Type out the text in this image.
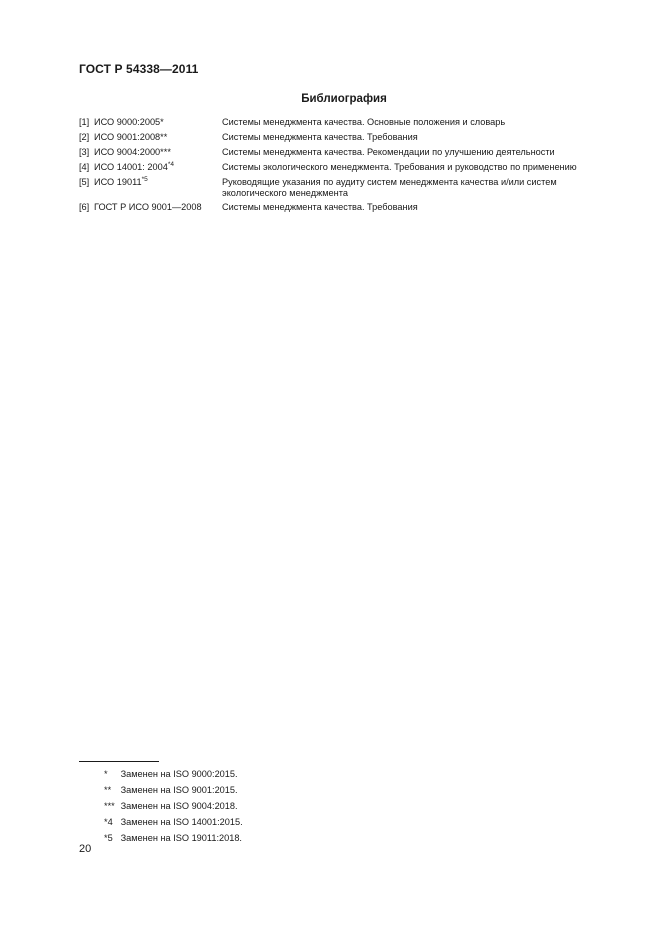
ГОСТ Р 54338—2011
Библиография
[1] ИСО 9000:2005*	Системы менеджмента качества. Основные положения и словарь
[2] ИСО 9001:2008**	Системы менеджмента качества. Требования
[3] ИСО 9004:2000***	Системы менеджмента качества. Рекомендации по улучшению деятельности
[4] ИСО 14001: 2004$^{*4}$	Системы экологического менеджмента. Требования и руководство по применению
[5] ИСО 19011$^{*5}$	Руководящие указания по аудиту систем менеджмента качества и/или систем экологического менеджмента
[6] ГОСТ Р ИСО 9001—2008	Системы менеджмента качества. Требования
* Заменен на ISO 9000:2015.
** Заменен на ISO 9001:2015.
*** Заменен на ISO 9004:2018.
*4 Заменен на ISO 14001:2015.
*5 Заменен на ISO 19011:2018.
20
